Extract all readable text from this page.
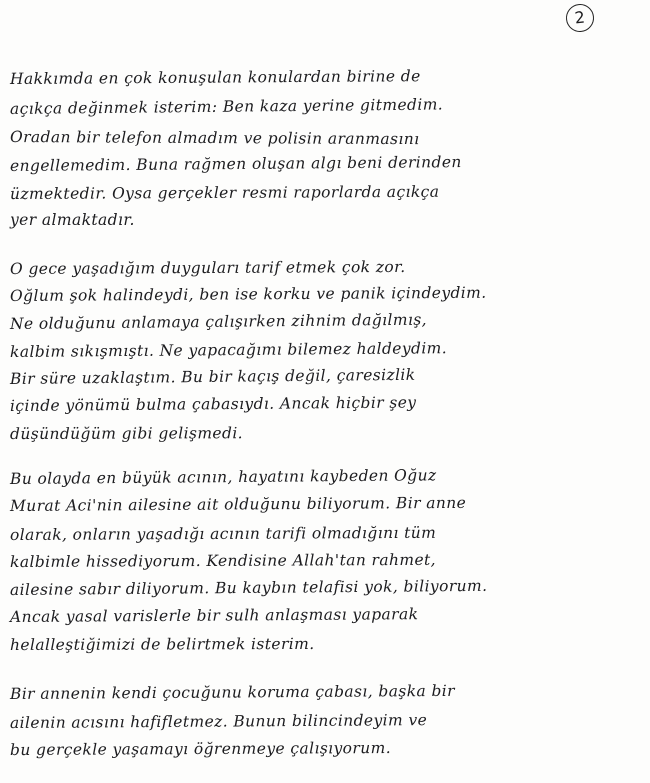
2
Hakkımda en çok konuşulan konulardan birine de
açıkça değinmek isterim: Ben kaza yerine gitmedim.
Oradan bir telefon almadım ve polisin aranmasını
engellemedim. Buna rağmen oluşan algı beni derinden
üzmektedir. Oysa gerçekler resmi raporlarda açıkça
yer almaktadır.
O gece yaşadığım duyguları tarif etmek çok zor.
Oğlum şok halindeydi, ben ise korku ve panik içindeydim.
Ne olduğunu anlamaya çalışırken zihnim dağılmış,
kalbim sıkışmıştı. Ne yapacağımı bilemez haldeydim.
Bir süre uzaklaştım. Bu bir kaçış değil, çaresizlik
içinde yönümü bulma çabasıydı. Ancak hiçbir şey
düşündüğüm gibi gelişmedi.
Bu olayda en büyük acının, hayatını kaybeden Oğuz
Murat Aci'nin ailesine ait olduğunu biliyorum. Bir anne
olarak, onların yaşadığı acının tarifi olmadığını tüm
kalbimle hissediyorum. Kendisine Allah'tan rahmet,
ailesine sabır diliyorum. Bu kaybın telafisi yok, biliyorum.
Ancak yasal varislerle bir sulh anlaşması yaparak
helalleştiğimizi de belirtmek isterim.
Bir annenin kendi çocuğunu koruma çabası, başka bir
ailenin acısını hafifletmez. Bunun bilincindeyim ve
bu gerçekle yaşamayı öğrenmeye çalışıyorum.
